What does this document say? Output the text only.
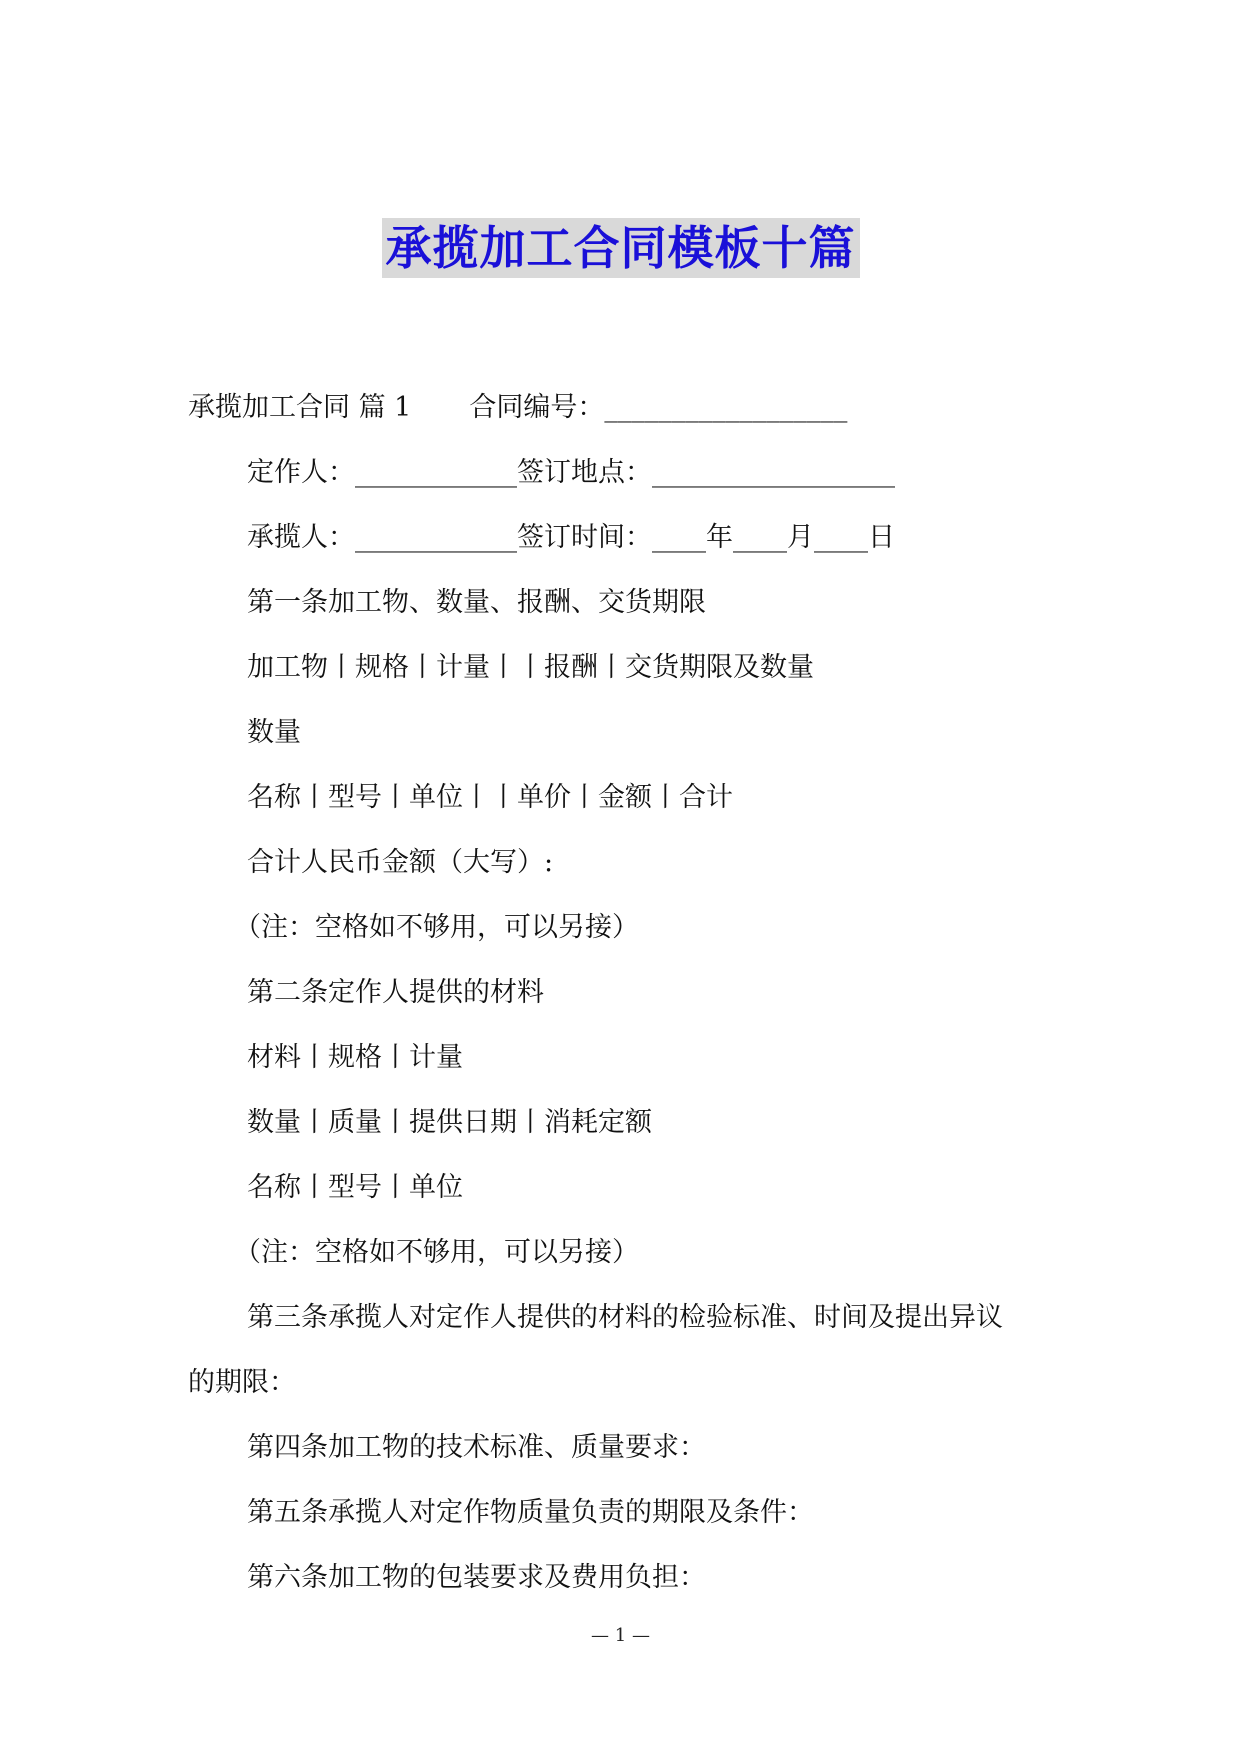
承揽加工合同模板十篇
承揽加工合同 篇 1 合同编号：__________________
定作人：____________签订地点：__________________
承揽人：____________签订时间：____年____月____日
第一条加工物、数量、报酬、交货期限
加工物丨规格丨计量丨丨报酬丨交货期限及数量
数量
名称丨型号丨单位丨丨单价丨金额丨合计
合计人民币金额（大写）:
（注：空格如不够用，可以另接）
第二条定作人提供的材料
材料丨规格丨计量
数量丨质量丨提供日期丨消耗定额
名称丨型号丨单位
（注：空格如不够用，可以另接）
第三条承揽人对定作人提供的材料的检验标准、时间及提出异议
的期限：
第四条加工物的技术标准、质量要求：
第五条承揽人对定作物质量负责的期限及条件：
第六条加工物的包装要求及费用负担：
— 1 —
